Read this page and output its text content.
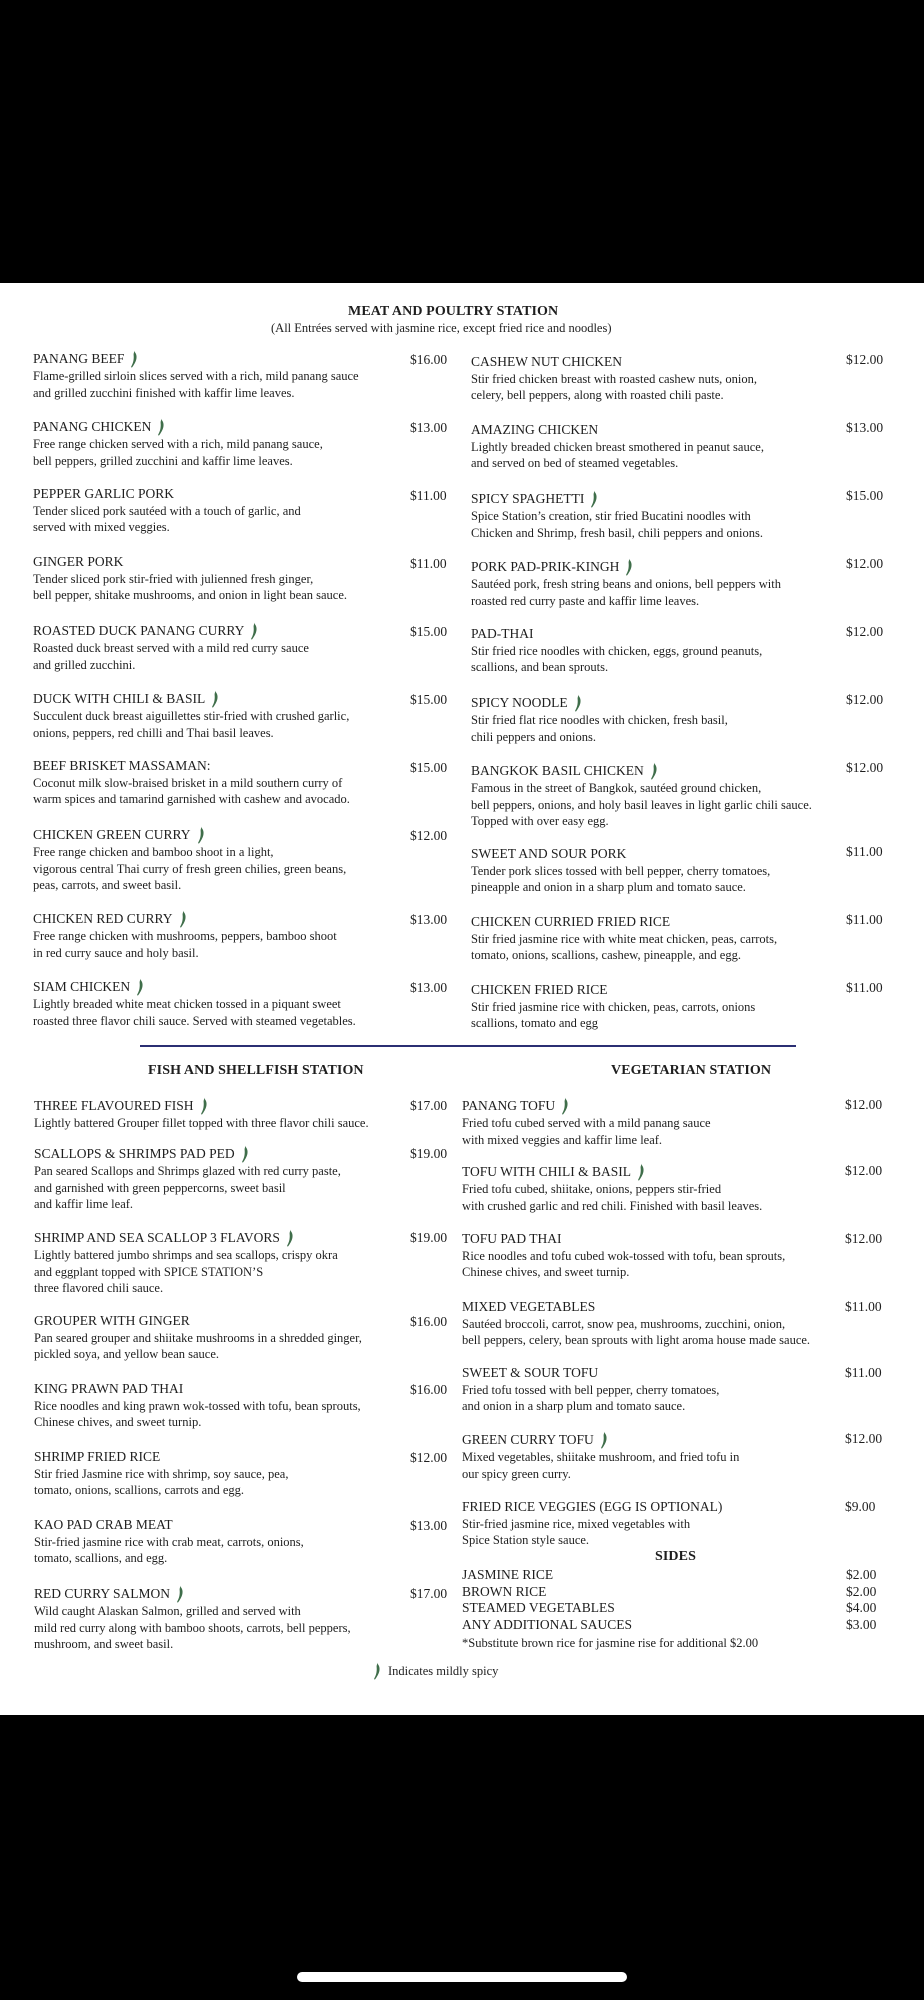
MEAT AND POULTRY STATION
(All Entrées served with jasmine rice, except fried rice and noodles)
PANANG BEEF
Flame-grilled sirloin slices served with a rich, mild panang sauce
and grilled zucchini finished with kaffir lime leaves.
$16.00
PANANG CHICKEN
Free range chicken served with a rich, mild panang sauce,
bell peppers, grilled zucchini and kaffir lime leaves.
$13.00
PEPPER GARLIC PORK
Tender sliced pork sautéed with a touch of garlic, and
served with mixed veggies.
$11.00
GINGER PORK
Tender sliced pork stir-fried with julienned fresh ginger,
bell pepper, shitake mushrooms, and onion in light bean sauce.
$11.00
ROASTED DUCK PANANG CURRY
Roasted duck breast served with a mild red curry sauce
and grilled zucchini.
$15.00
DUCK WITH CHILI & BASIL
Succulent duck breast aiguillettes stir-fried with crushed garlic,
onions, peppers, red chilli and Thai basil leaves.
$15.00
BEEF BRISKET MASSAMAN:
Coconut milk slow-braised brisket in a mild southern curry of
warm spices and tamarind garnished with cashew and avocado.
$15.00
CHICKEN GREEN CURRY
Free range chicken and bamboo shoot in a light,
vigorous central Thai curry of fresh green chilies, green beans,
peas, carrots, and sweet basil.
$12.00
CHICKEN RED CURRY
Free range chicken with mushrooms, peppers, bamboo shoot
in red curry sauce and holy basil.
$13.00
SIAM CHICKEN
Lightly breaded white meat chicken tossed in a piquant sweet
roasted three flavor chili sauce. Served with steamed vegetables.
$13.00
CASHEW NUT CHICKEN
Stir fried chicken breast with roasted cashew nuts, onion,
celery, bell peppers, along with roasted chili paste.
$12.00
AMAZING CHICKEN
Lightly breaded chicken breast smothered in peanut sauce,
and served on bed of steamed vegetables.
$13.00
SPICY SPAGHETTI
Spice Station’s creation, stir fried Bucatini noodles with
Chicken and Shrimp, fresh basil, chili peppers and onions.
$15.00
PORK PAD-PRIK-KINGH
Sautéed pork, fresh string beans and onions, bell peppers with
roasted red curry paste and kaffir lime leaves.
$12.00
PAD-THAI
Stir fried rice noodles with chicken, eggs, ground peanuts,
scallions, and bean sprouts.
$12.00
SPICY NOODLE
Stir fried flat rice noodles with chicken, fresh basil,
chili peppers and onions.
$12.00
BANGKOK BASIL CHICKEN
Famous in the street of Bangkok, sautéed ground chicken,
bell peppers, onions, and holy basil leaves in light garlic chili sauce.
Topped with over easy egg.
$12.00
SWEET AND SOUR PORK
Tender pork slices tossed with bell pepper, cherry tomatoes,
pineapple and onion in a sharp plum and tomato sauce.
$11.00
CHICKEN CURRIED FRIED RICE
Stir fried jasmine rice with white meat chicken, peas, carrots,
tomato, onions, scallions, cashew, pineapple, and egg.
$11.00
CHICKEN FRIED RICE
Stir fried jasmine rice with chicken, peas, carrots, onions
scallions, tomato and egg
$11.00
FISH AND SHELLFISH STATION	VEGETARIAN STATION
THREE FLAVOURED FISH
Lightly battered Grouper fillet topped with three flavor chili sauce.
$17.00
SCALLOPS & SHRIMPS PAD PED
Pan seared Scallops and Shrimps glazed with red curry paste,
and garnished with green peppercorns, sweet basil
and kaffir lime leaf.
$19.00
SHRIMP AND SEA SCALLOP 3 FLAVORS
Lightly battered jumbo shrimps and sea scallops, crispy okra
and eggplant topped with SPICE STATION’S
three flavored chili sauce.
$19.00
GROUPER WITH GINGER
Pan seared grouper and shiitake mushrooms in a shredded ginger,
pickled soya, and yellow bean sauce.
$16.00
KING PRAWN PAD THAI
Rice noodles and king prawn wok-tossed with tofu, bean sprouts,
Chinese chives, and sweet turnip.
$16.00
SHRIMP FRIED RICE
Stir fried Jasmine rice with shrimp, soy sauce, pea,
tomato, onions, scallions, carrots and egg.
$12.00
KAO PAD CRAB MEAT
Stir-fried jasmine rice with crab meat, carrots, onions,
tomato, scallions, and egg.
$13.00
RED CURRY SALMON
Wild caught Alaskan Salmon, grilled and served with
mild red curry along with bamboo shoots, carrots, bell peppers,
mushroom, and sweet basil.
$17.00
PANANG TOFU
Fried tofu cubed served with a mild panang sauce
with mixed veggies and kaffir lime leaf.
$12.00
TOFU WITH CHILI & BASIL
Fried tofu cubed, shiitake, onions, peppers stir-fried
with crushed garlic and red chili. Finished with basil leaves.
$12.00
TOFU PAD THAI
Rice noodles and tofu cubed wok-tossed with tofu, bean sprouts,
Chinese chives, and sweet turnip.
$12.00
MIXED VEGETABLES
Sautéed broccoli, carrot, snow pea, mushrooms, zucchini, onion,
bell peppers, celery, bean sprouts with light aroma house made sauce.
$11.00
SWEET & SOUR TOFU
Fried tofu tossed with bell pepper, cherry tomatoes,
and onion in a sharp plum and tomato sauce.
$11.00
GREEN CURRY TOFU
Mixed vegetables, shiitake mushroom, and fried tofu in
our spicy green curry.
$12.00
FRIED RICE VEGGIES (EGG IS OPTIONAL)
Stir-fried jasmine rice, mixed vegetables with
Spice Station style sauce.
$9.00
SIDES
JASMINE RICE	$2.00
BROWN RICE	$2.00
STEAMED VEGETABLES	$4.00
ANY ADDITIONAL SAUCES	$3.00
*Substitute brown rice for jasmine rise for additional $2.00
Indicates mildly spicy
